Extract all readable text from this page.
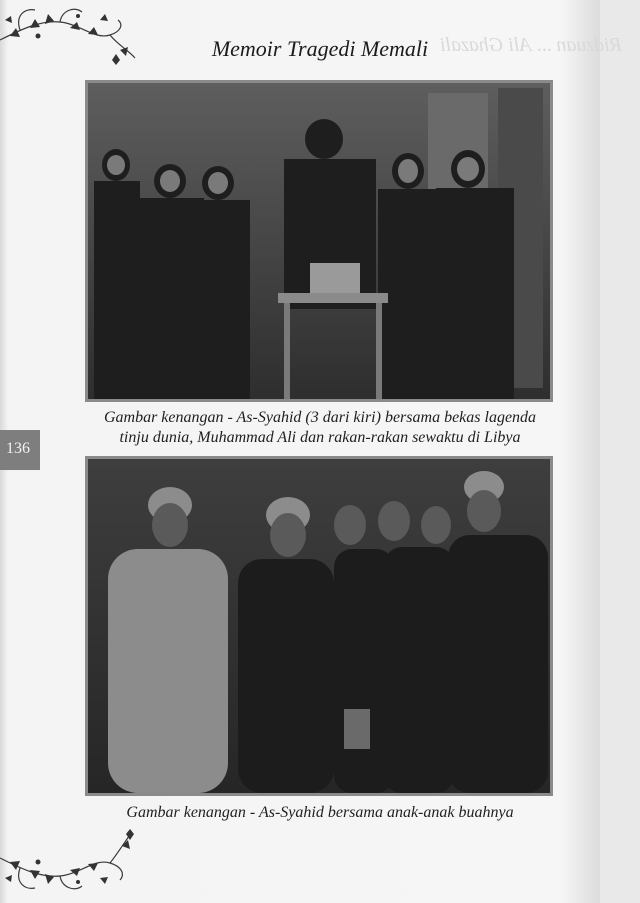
Ridzuan ... Ali Ghazali
Memoir Tragedi Memali
136
Gambar kenangan - As-Syahid (3 dari kiri) bersama bekas lagenda
tinju dunia, Muhammad Ali dan rakan-rakan sewaktu di Libya
Gambar kenangan - As-Syahid bersama anak-anak buahnya
